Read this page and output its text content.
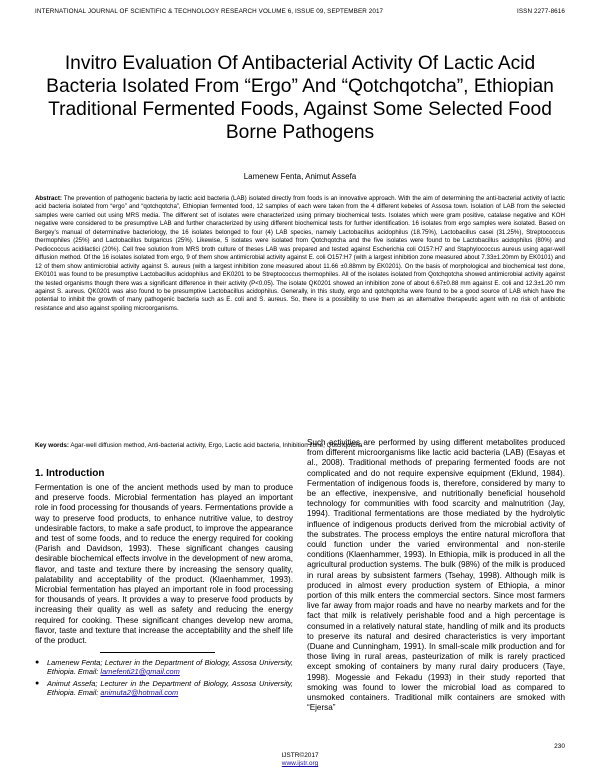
INTERNATIONAL JOURNAL OF SCIENTIFIC & TECHNOLOGY RESEARCH VOLUME 6, ISSUE 09, SEPTEMBER 2017	ISSN 2277-8616
Invitro Evaluation Of Antibacterial Activity Of Lactic Acid Bacteria Isolated From “Ergo” And “Qotchqotcha”, Ethiopian Traditional Fermented Foods, Against Some Selected Food Borne Pathogens
Lamenew Fenta, Animut Assefa
Abstract: The prevention of pathogenic bacteria by lactic acid bacteria (LAB) isolated directly from foods is an innovative approach. With the aim of determining the anti-bacterial activity of lactic acid bacteria isolated from “ergo” and “qotchqotcha”, Ethiopian fermented food, 12 samples of each were taken from the 4 different kebeles of Assosa town. Isolation of LAB from the selected samples were carried out using MRS media. The different set of isolates were characterized using primary biochemical tests. Isolates which were gram positive, catalase negative and KOH negative were considered to be presumptive LAB and further characterized by using different biochemical tests for further identification. 16 isolates from ergo samples were isolated. Based on Bergey’s manual of determinative bacteriology, the 16 isolates belonged to four (4) LAB species, namely Lactobacillus acidophilus (18.75%), Lactobacillus casei (31.25%), Streptococcus thermophiles (25%) and Lactobacillus bulgaricus (25%). Likewise, 5 isolates were isolated from Qotchqotcha and the five isolates were found to be Lactobacillus acidophilus (80%) and Pediococcus acidilactici (20%). Cell free solution from MRS broth culture of theses LAB was prepared and tested against Escherichia coli O157:H7 and Staphylococcus aureus using agar-well diffusion method. Of the 16 isolates isolated from ergo, 9 of them show antimicrobial activity against E. coli O157:H7 (with a largest inhibition zone measured about 7.33±1.20mm by EK0101) and 12 of them show antimicrobial activity against S. aureus (with a largest inhibition zone measured about 11.66 ±0.88mm by EK0201). On the basis of morphological and biochemical test done, EK0101 was found to be presumptive Lactobacillus acidophilus and EK0201 to be Streptococcus thermophiles. All of the isolates isolated from Qotchqotcha showed antimicrobial activity against the tested organisms though there was a significant difference in their activity (P<0.05). The isolate QK0201 showed an inhibition zone of about 6.67±0.88 mm against E. coli and 12.3±1.20 mm against S. aureus. QK0201 was also found to be presumptive Lactobacillus acidophilus. Generally, in this study, ergo and qotchqotcha were found to be a good source of LAB which have the potential to inhibit the growth of many pathogenic bacteria such as E. coli and S. aureus. So, there is a possibility to use them as an alternative therapeutic agent with no risk of antibiotic resistance and also against spoiling microorganisms.
Key words: Agar-well diffusion method, Anti-bacterial activity, Ergo, Lactic acid bacteria, Inhibition zone, Qotchqotcha
1. Introduction

Fermentation is one of the ancient methods used by man to produce and preserve foods. Microbial fermentation has played an important role in food processing for thousands of years. Fermentations provide a way to preserve food products, to enhance nutritive value, to destroy undesirable factors, to make a safe product, to improve the appearance and test of some foods, and to reduce the energy required for cooking (Parish and Davidson, 1993). These significant changes causing desirable biochemical effects involve in the development of new aroma, flavor, and taste and texture there by increasing the sensory quality, palatability and acceptability of the product. (Klaenhammer, 1993). Microbial fermentation has played an important role in food processing for thousands of years. It provides a way to preserve food products by increasing their quality as well as safety and reducing the energy required for cooking. These significant changes develop new aroma, flavor, taste and texture that increase the acceptability and the shelf life of the product.

●	Lamenew Fenta; Lecturer in the Department of Biology, Assosa University, Ethiopia. Email: lamefenti21@gmail.com
●	Animut Assefa; Lecturer in the Department of Biology, Assosa University, Ethiopia. Email: animuta2@hotmail.com

Such activities are performed by using different metabolites produced from different microorganisms like lactic acid bacteria (LAB) (Esayas et al., 2008). Traditional methods of preparing fermented foods are not complicated and do not require expensive equipment (Eklund, 1984). Fermentation of indigenous foods is, therefore, considered by many to be an effective, inexpensive, and nutritionally beneficial household technology for communities with food scarcity and malnutrition (Jay, 1994). Traditional fermentations are those mediated by the hydrolytic influence of indigenous products derived from the microbial activity of the substrates. The process employs the entire natural microflora that could function under the varied environmental and non-sterile conditions (Klaenhammer, 1993). In Ethiopia, milk is produced in all the agricultural production systems. The bulk (98%) of the milk is produced in rural areas by subsistent farmers (Tsehay, 1998). Although milk is produced in almost every production system of Ethiopia, a minor portion of this milk enters the commercial sectors. Since most farmers live far away from major roads and have no nearby markets and for the fact that milk is relatively perishable food and a high percentage is consumed in a relatively natural state, handling of milk and its products to preserve its natural and desired characteristics is very important (Duane and Cunningham, 1991). In small-scale milk production and for those living in rural areas, pasteurization of milk is rarely practiced except smoking of containers by many rural dairy producers (Taye, 1998). Mogessie and Fekadu (1993) in their study reported that smoking was found to lower the microbial load as compared to unsmoked containers. Traditional milk containers are smoked with “Ejersa”

230
IJSTR©2017
www.ijstr.org
